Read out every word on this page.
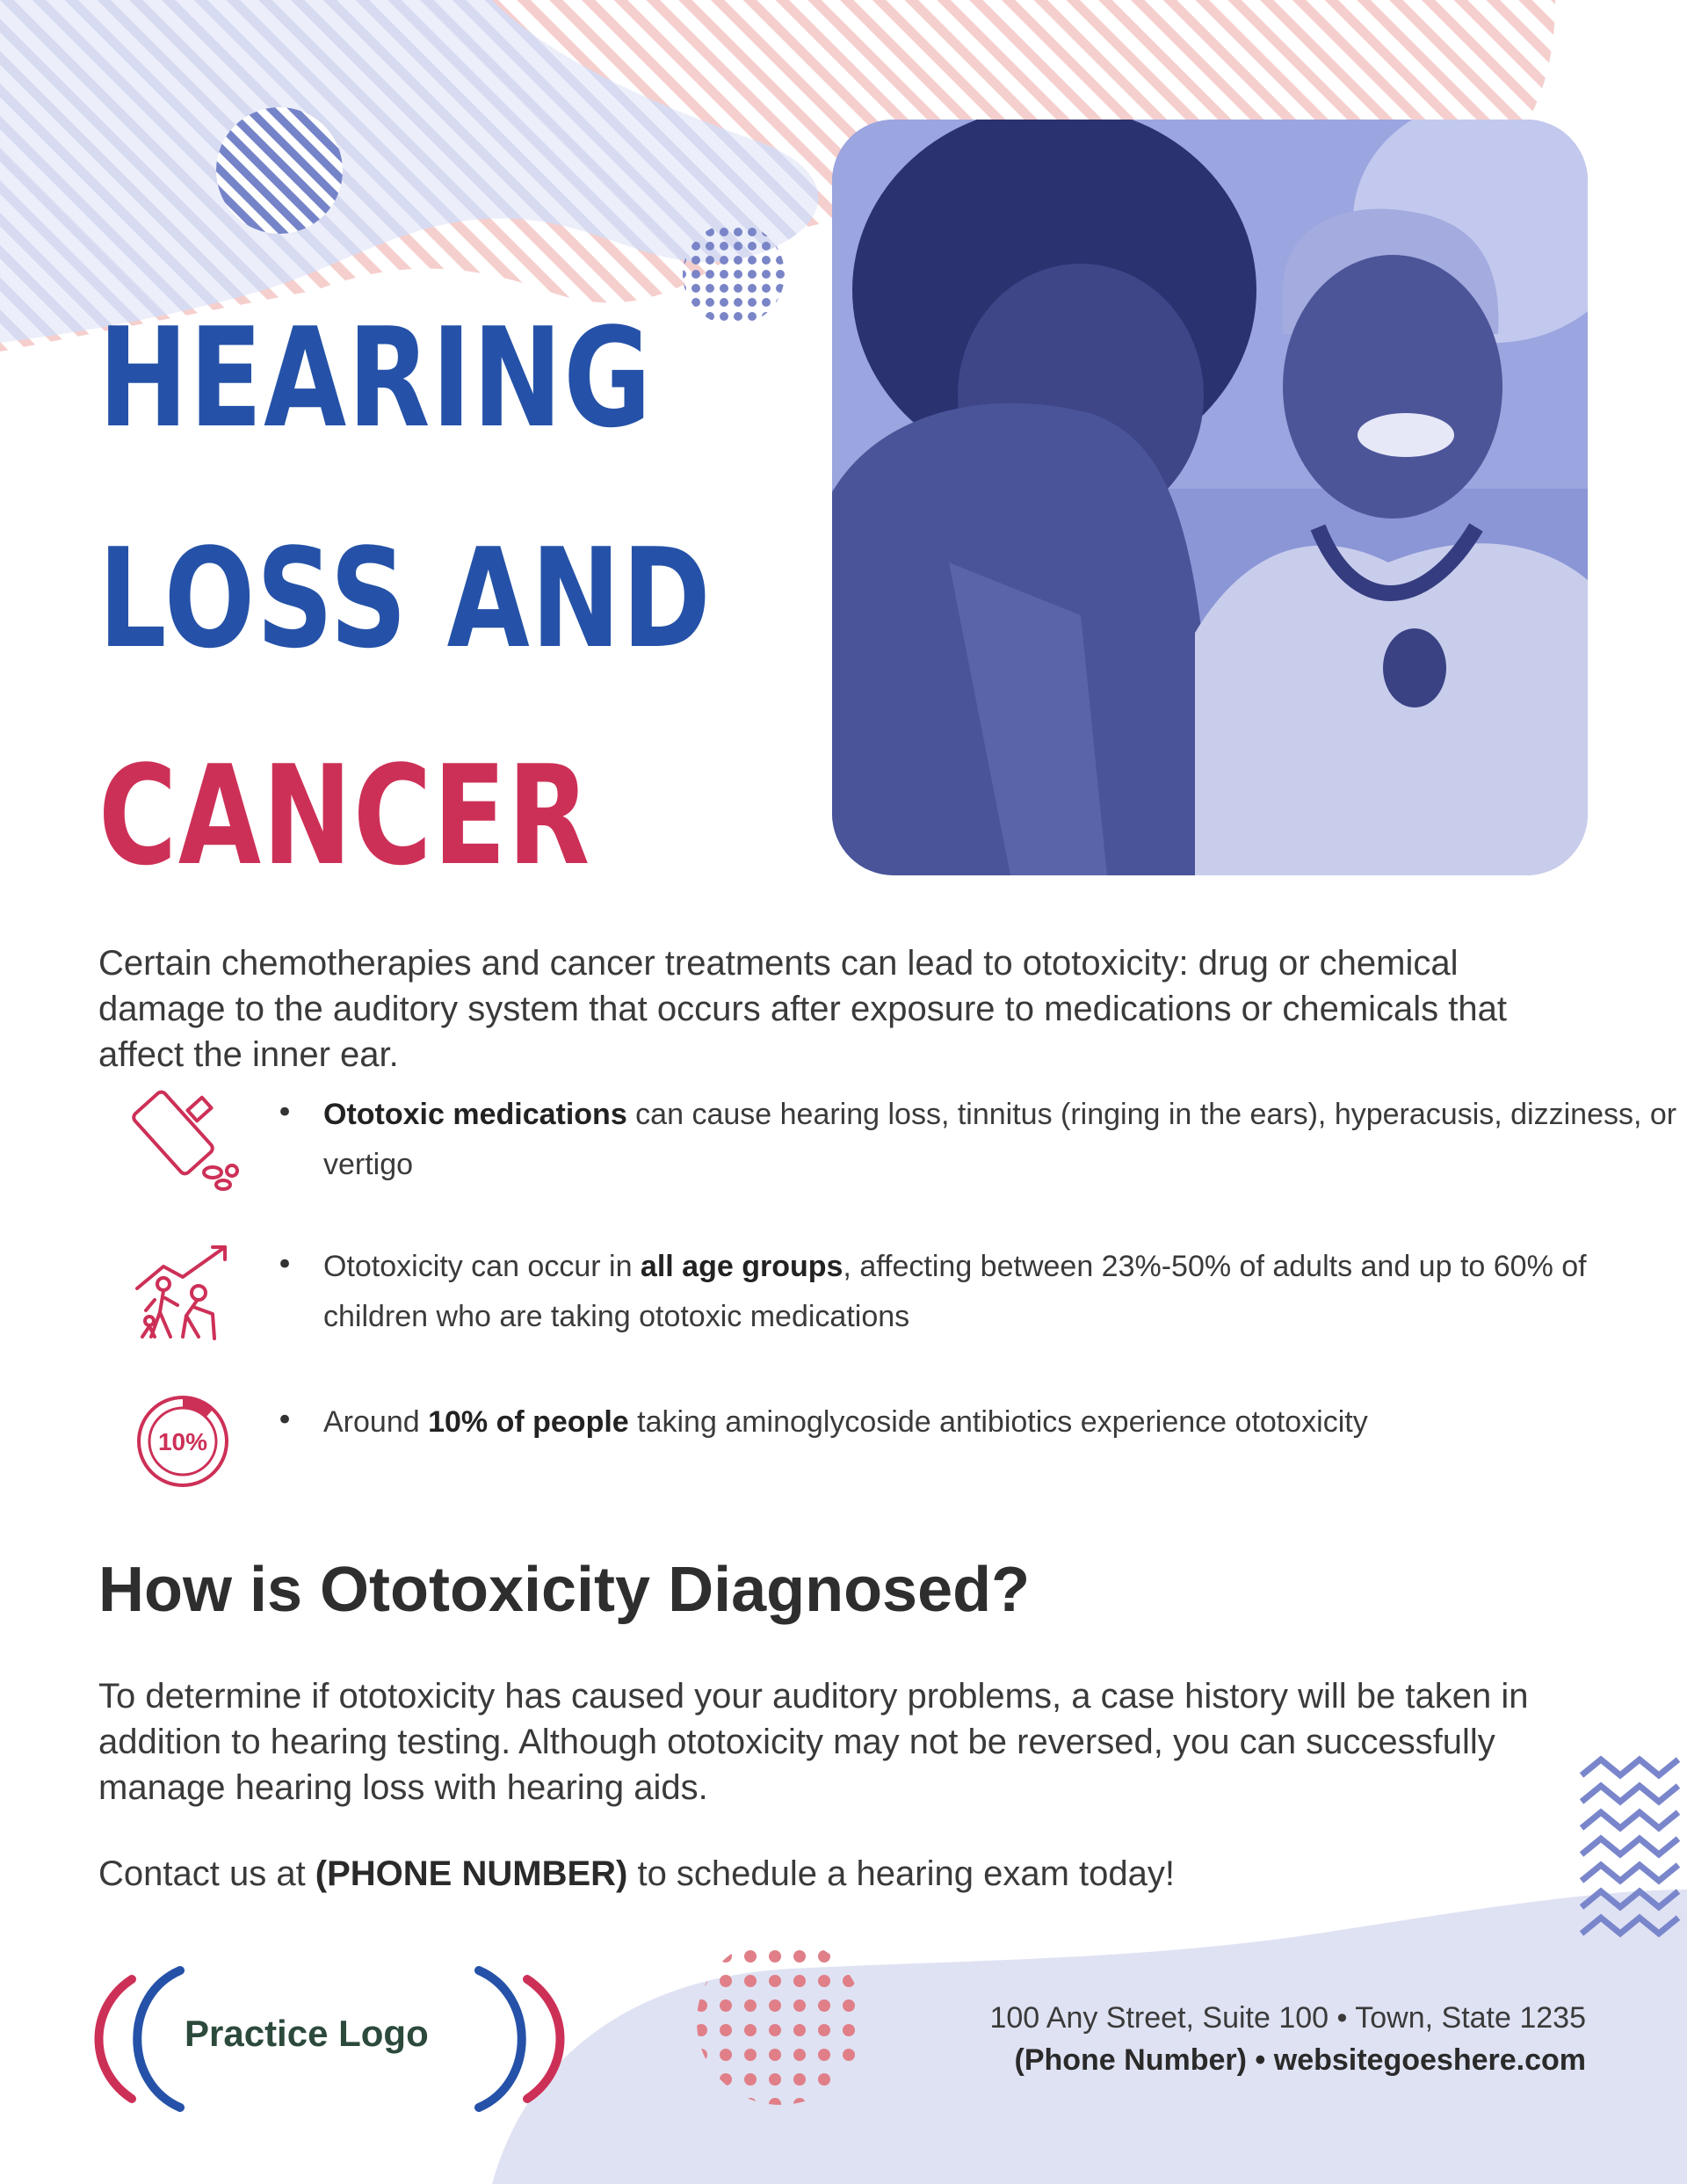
HEARING
LOSS AND
CANCER
Certain chemotherapies and cancer treatments can lead to ototoxicity: drug or chemical damage to the auditory system that occurs after exposure to medications or chemicals that affect the inner ear.
• Ototoxic medications can cause hearing loss, tinnitus (ringing in the ears), hyperacusis, dizziness, or vertigo
• Ototoxicity can occur in all age groups, affecting between 23%-50% of adults and up to 60% of children who are taking ototoxic medications
10%
• Around 10% of people taking aminoglycoside antibiotics experience ototoxicity
How is Ototoxicity Diagnosed?
To determine if ototoxicity has caused your auditory problems, a case history will be taken in addition to hearing testing. Although ototoxicity may not be reversed, you can successfully manage hearing loss with hearing aids.
Contact us at (PHONE NUMBER) to schedule a hearing exam today!
Practice Logo	100 Any Street, Suite 100 • Town, State 1235
(Phone Number) • websitegoeshere.com
